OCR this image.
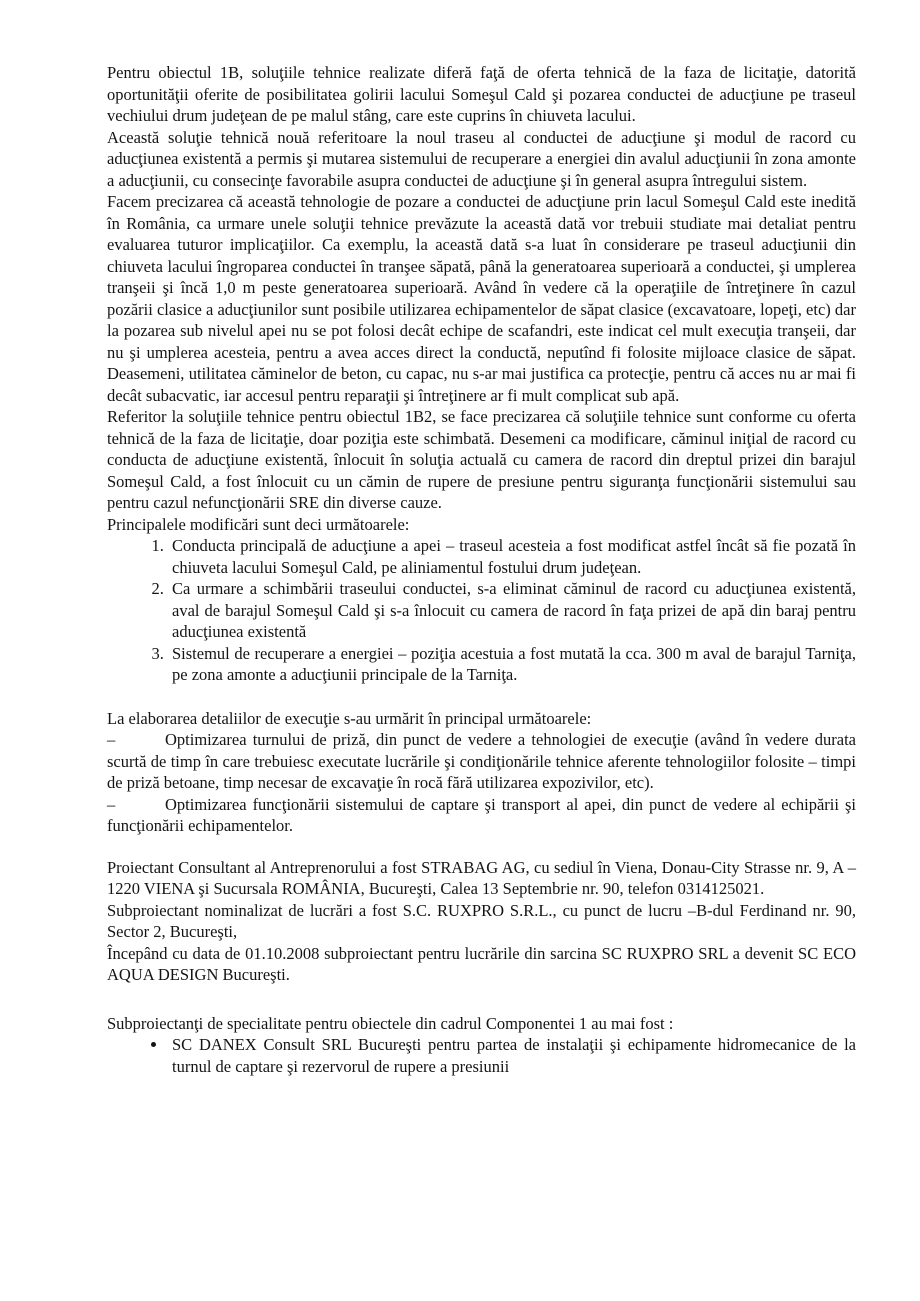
Pentru obiectul 1B, soluţiile tehnice realizate diferă faţă de oferta tehnică de la faza de licitaţie, datorită oportunităţii oferite de posibilitatea golirii lacului Someşul Cald şi pozarea conductei de aducţiune pe traseul vechiului drum judeţean de pe malul stâng, care este cuprins în chiuveta lacului.

Această soluţie tehnică nouă referitoare la noul traseu al conductei de aducţiune şi modul de racord cu aducţiunea existentă a permis şi mutarea sistemului de recuperare a energiei din avalul aducţiunii în zona amonte a aducţiunii, cu consecinţe favorabile asupra conductei de aducţiune şi în general asupra întregului sistem.

Facem precizarea că această tehnologie de pozare a conductei de aducţiune prin lacul Someşul Cald este inedită în România, ca urmare unele soluţii tehnice prevăzute la această dată vor trebuii studiate mai detaliat pentru evaluarea tuturor implicaţiilor. Ca exemplu, la această dată s-a luat în considerare pe traseul aducţiunii din chiuveta lacului îngroparea conductei în tranşee săpată, până la generatoarea superioară a conductei, şi umplerea tranşeii şi încă 1,0 m peste generatoarea superioară. Având în vedere că la operaţiile de întreţinere în cazul pozării clasice a aducţiunilor sunt posibile utilizarea echipamentelor de săpat clasice (excavatoare, lopeţi, etc) dar la pozarea sub nivelul apei nu se pot folosi decât echipe de scafandri, este indicat cel mult execuţia tranşeii, dar nu şi umplerea acesteia, pentru a avea acces direct la conductă, neputînd fi folosite mijloace clasice de săpat. Deasemeni, utilitatea căminelor de beton, cu capac, nu s-ar mai justifica ca protecţie, pentru că acces nu ar mai fi decât subacvatic, iar accesul pentru reparaţii şi întreţinere ar fi mult complicat sub apă.

Referitor la soluţiile tehnice pentru obiectul 1B2, se face precizarea că soluţiile tehnice sunt conforme cu oferta tehnică de la faza de licitaţie, doar poziţia este schimbată. Desemeni ca modificare, căminul iniţial de racord cu conducta de aducţiune existentă, înlocuit în soluţia actuală cu camera de racord din dreptul prizei din barajul Someşul Cald, a fost înlocuit cu un cămin de rupere de presiune pentru siguranţa funcţionării sistemului sau pentru cazul nefuncţionării SRE din diverse cauze.

Principalele modificări sunt deci următoarele:

1. Conducta principală de aducţiune a apei – traseul acesteia a fost modificat astfel încât să fie pozată în chiuveta lacului Someşul Cald, pe aliniamentul fostului drum judeţean.
2. Ca urmare a schimbării traseului conductei, s-a eliminat căminul de racord cu aducţiunea existentă, aval de barajul Someşul Cald şi s-a înlocuit cu camera de racord în faţa prizei de apă din baraj pentru aducţiunea existentă
3. Sistemul de recuperare a energiei – poziţia acestuia a fost mutată la cca. 300 m aval de barajul Tarniţa, pe zona amonte a aducţiunii principale de la Tarniţa.

La elaborarea detaliilor de execuţie s-au urmărit în principal următoarele:

–	Optimizarea turnului de priză, din punct de vedere a tehnologiei de execuţie (având în vedere durata scurtă de timp în care trebuiesc executate lucrările şi condiţionările tehnice aferente tehnologiilor folosite – timpi de priză betoane, timp necesar de excavaţie în rocă fără utilizarea expozivilor, etc).

–	Optimizarea funcţionării sistemului de captare şi transport al apei, din punct de vedere al echipării şi funcţionării echipamentelor.

Proiectant Consultant al Antreprenorului a fost STRABAG AG, cu sediul în Viena, Donau-City Strasse nr. 9, A – 1220 VIENA şi Sucursala ROMÂNIA, Bucureşti, Calea 13 Septembrie nr. 90, telefon 0314125021.

Subproiectant nominalizat de lucrări a fost S.C. RUXPRO S.R.L., cu punct de lucru –B-dul Ferdinand nr. 90, Sector 2, Bucureşti,

Începând cu data de 01.10.2008 subproiectant pentru lucrările din sarcina SC RUXPRO SRL a devenit SC ECO AQUA DESIGN Bucureşti.

Subproiectanţi de specialitate pentru obiectele din cadrul Componentei 1 au mai fost :

• SC DANEX Consult SRL Bucureşti pentru partea de instalaţii şi echipamente hidromecanice de la turnul de captare şi rezervorul de rupere a presiunii
